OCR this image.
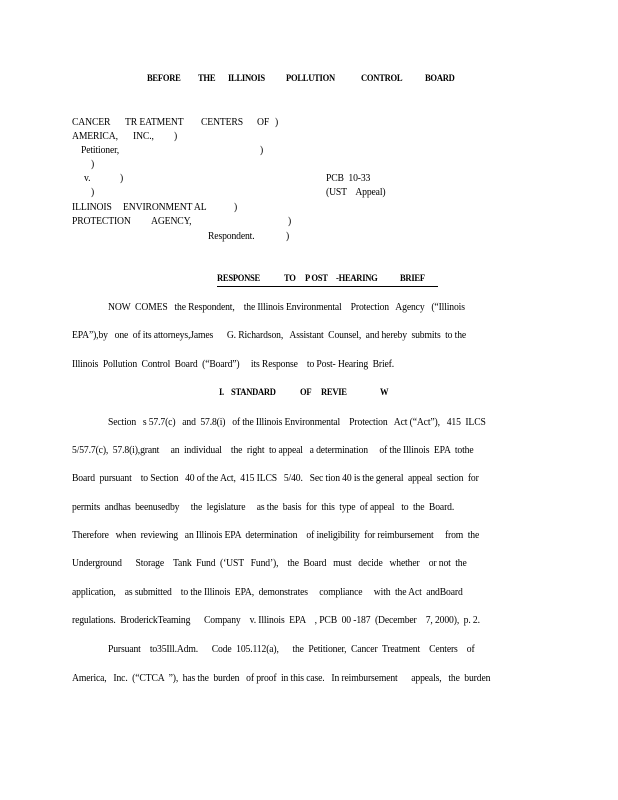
BEFORE THE ILLINOIS POLLUTION	CONTROL BOARD
CANCER TR EATMENT CENTERS OF )
AMERICA, INC., )
Petitioner,	)
)
v.	)	PCB  10-33
)	(UST    Appeal)
ILLINOIS ENVIRONMENT AL	)
PROTECTION AGENCY,	)
Respondent.	)
RESPONSE	TO P OST -HEARING BRIEF
NOW  COMES   the Respondent,    the Illinois Environmental    Protection   Agency   (“Illinois
EPA”),by   one  of its attorneys,James      G. Richardson,   Assistant  Counsel,  and hereby  submits  to the
Illinois  Pollution  Control  Board  (“Board”)     its Response    to Post- Hearing  Brief.
I. STANDARD	OF REVIE	W
Section   s 57.7(c)   and  57.8(i)   of the Illinois Environmental    Protection   Act (“Act”),   415  ILCS
5/57.7(c),  57.8(i),grant     an  individual    the  right  to appeal   a determination     of the Illinois  EPA  tothe
Board  pursuant    to Section   40 of the Act,  415 ILCS   5/40.   Sec tion 40 is the general  appeal  section  for
permits  andhas  beenusedby     the  legislature     as the  basis  for  this  type  of appeal   to  the  Board.
Therefore   when  reviewing   an Illinois EPA  determination    of ineligibility  for reimbursement     from  the
Underground      Storage    Tank  Fund  (‘UST   Fund’),    the  Board   must   decide   whether    or not  the
application,    as submitted    to the Illinois  EPA,  demonstrates     compliance     with  the Act  andBoard
regulations.  BroderickTeaming      Company    v. Illinois  EPA    , PCB  00 -187  (December    7, 2000),  p. 2.
Pursuant    to35Ill.Adm.      Code  105.112(a),      the  Petitioner,  Cancer  Treatment    Centers    of
America,   Inc.  (“CTCA  ”),  has the  burden   of proof  in this case.   In reimbursement      appeals,   the  burden
